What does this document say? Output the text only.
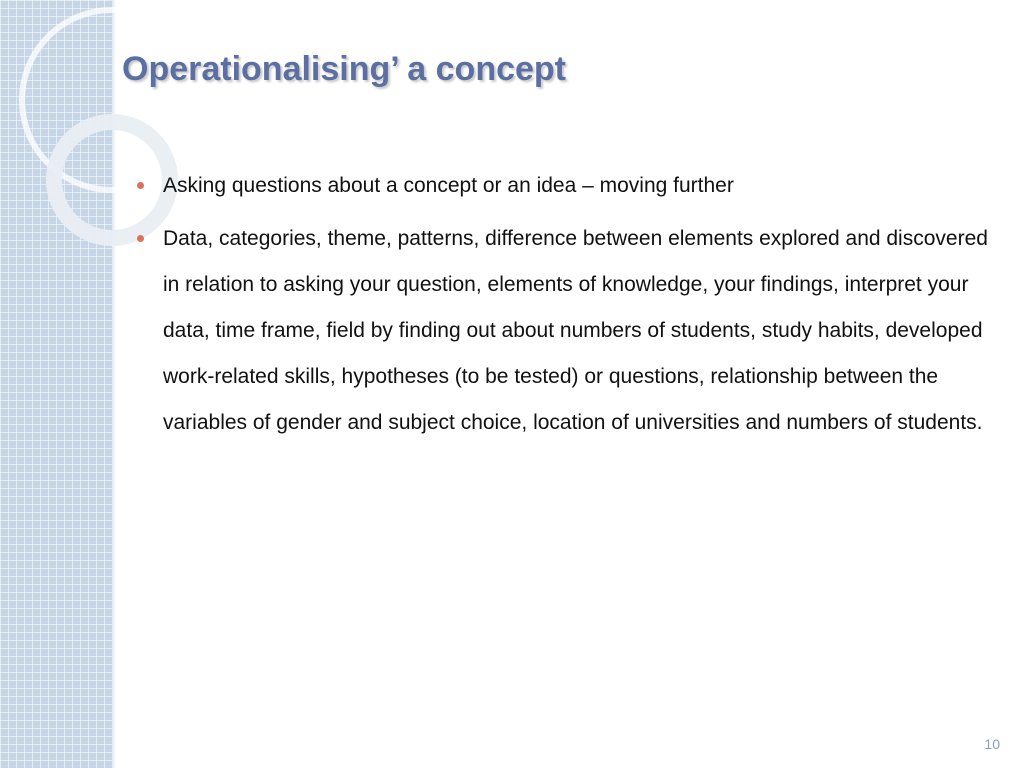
Operationalising’ a concept
Asking questions about a concept or an idea – moving further
Data, categories, theme, patterns, difference between elements explored and discovered in relation to asking your question, elements of knowledge, your findings, interpret your data, time frame, field by finding out about numbers of students, study habits, developed work-related skills, hypotheses (to be tested) or questions, relationship between the variables of gender and subject choice, location of universities and numbers of students.
10
